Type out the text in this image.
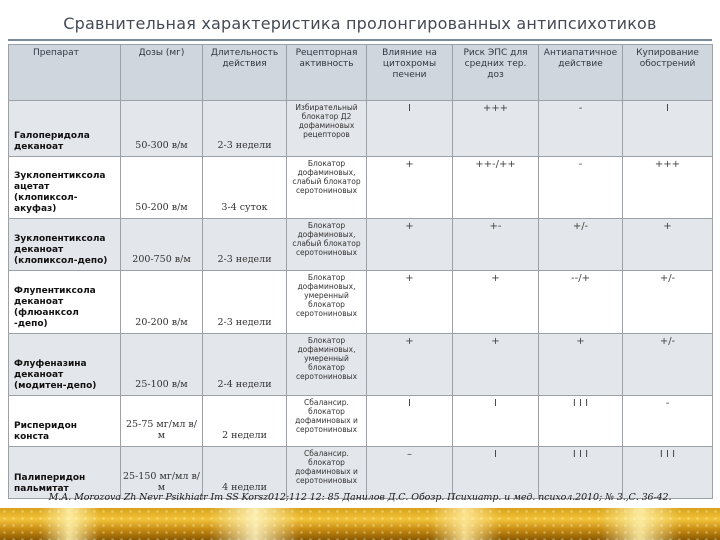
Сравнительная характеристика пролонгированных антипсихотиков
Препарат	Дозы (мг)	Длительность действия	Рецепторная активность	Влияние на цитохромы печени	Риск ЭПС для средних тер. доз	Антиапатичное действие	Купирование обострений
Галоперидола
деканоат	50-300 в/м	2-3 недели	Избирательный блокатор Д2 дофаминовых рецепторов	I	+++	-	I
Зуклопентиксола
ацетат
(клопиксол-
акуфаз)	50-200 в/м	3-4 суток	Блокатор дофаминовых, слабый блокатор серотониновых	+	++-/++	-	+++
Зуклопентиксола
деканоат
(клопиксол-депо)	200-750 в/м	2-3 недели	Блокатор дофаминовых, слабый блокатор серотониновых	+	+-	+/-	+
Флупентиксола
деканоат
(флюанксол
-депо)	20-200 в/м	2-3 недели	Блокатор дофаминовых, умеренный блокатор серотониновых	+	+	--/+	+/-
Флуфеназина
деканоат
(модитен-депо)	25-100 в/м	2-4 недели	Блокатор дофаминовых, умеренный блокатор серотониновых	+	+	+	+/-
Рисперидон
конста	25-75 мг/мл в/м	2 недели	Сбалансир. блокатор дофаминовых и серотониновых	I	I	I I I	-
Палиперидон
пальмитат	25-150 мг/мл в/м	4 недели	Сбалансир. блокатор дофаминовых и серотониновых	–	I	I I I	I I I
М.А. Morozova Zh Nevr Psikhiatr Im SS Korsz012;112 12: 85 Данилов Д.С. Обозр. Психиатр. и мед. психол.2010; № 3.,С. 36-42.
